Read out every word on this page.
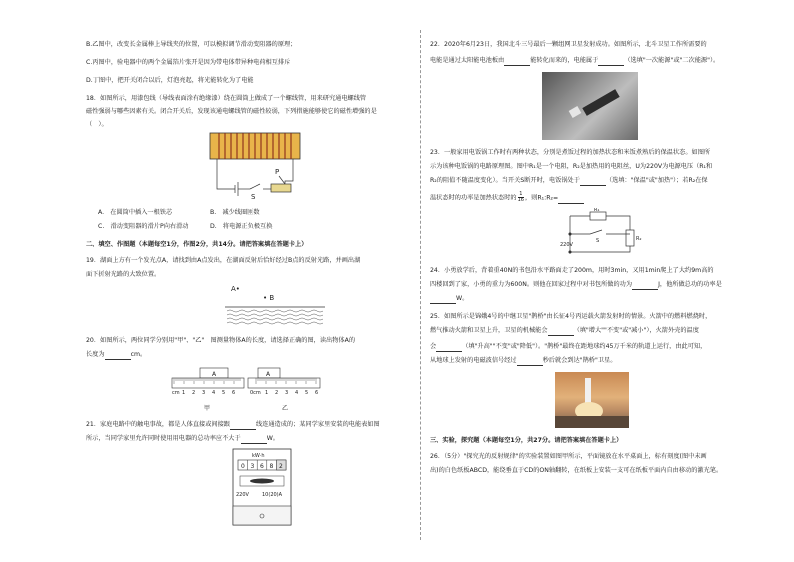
B.乙图中，改变长金属棒上导线夹的位置，可以模拟调节滑动变阻器的原理；

C.丙图中，验电器中的两个金属箔片张开是因为带电体带异种电荷相互排斥

D.丁图中，把开关闭合以后，灯泡亮起，将光能转化为了电能

18．如图所示，用漆包线（导线表面涂有绝缘漆）绕在圆筒上做成了一个螺线管，用来研究通电螺线管

磁性强弱与哪些因素有关。闭合开关后，发现该通电螺线管的磁性较弱，下列措施能够使它的磁性增强的是

（　）。

P
S

A.　在圆筒中插入一根铁芯	B.　减少线圈匝数

C.　滑动变阻器的滑片P向右滑动	D.　将电源正负极互换

二、填空、作图题（本题每空1分，作图2分，共14分。请把答案填在答题卡上）

19．湖面上方有一个发光点A，请找到由A点发出，在湖面反射后恰好经过B点的反射光路，并画出湖

面下折射光路的大致位置。

A•
• B

20．如图所示，两位同学分别用"甲"、"乙"　图测量物体A的长度，请选择正确的图，读出物体A的

长度为	cm。

A
cm 1 2 3 4 5 6
A
0cm 1 2 3 4 5 6
甲	乙

21．家庭电路中的触电事故，都是人体直接或间接跟	线连通造成的；某同学家里安装的电能表如图

所示，当同学家里允许同时使用用电器的总功率应不大于	W。

kW·h
0 3 6 8 2
220V	10(20)A

22．2020年6月23日，我国北斗三号最后一颗组网卫星发射成功。如图所示，北斗卫星工作所需要的

电能是通过太阳能电池板由	能转化而来的，电能属于	（选填"一次能源"或"二次能源"）。

23．一般家用电饭锅工作时有两种状态，分别是煮饭过程的加热状态和米饭煮熟后的保温状态。如图所

示为该种电饭锅的电路原理图。图中R₁是一个电阻，R₂是加热用的电阻丝，U为220V为电源电压（R₁和

R₂的阻值不随温度变化）。当开关S断开时，电饭锅处于	（选填："保温"或"加热"）；若R₂在保

温状态时的功率是加热状态时的 $\frac{1}{16}$ ，则R₁:R₂=

R₁
S	R₂
220V

24．小勇放学后，背着重40N的书包沿水平路面走了200m，用时3min，又用1min爬上了大约9m高的

四楼回到了家，小勇的重力为600N。则他在回家过程中对书包所做的功为	J，他所做总功的功率是

W。

25．如图所示是锦娥4号的中继卫星"鹊桥"由长征4号丙运载火箭发射时的情景。火箭中的燃料燃烧时，

燃气推动火箭和卫星上升，卫星的机械能会	（填"增大""不变"或"减小"），火箭外壳的温度

会	（填"升高""不变"或"降低"）。"鹊桥"最终在距地球约45万千米的轨道上运行，由此可知，

从地球上发射的电磁波信号经过	秒后就会到达"鹊桥"卫星。

三、实验，探究题（本题每空1分，共27分。请把答案填在答题卡上）

26．（5分）"探究光的反射规律"的实验装置如图甲所示，平面镜放在水平桌面上，标有刻度(图中未画

出)的白色纸板ABCD，能绕垂直于CD的ON轴翻转，在纸板上安装一支可在纸板平面内自由移动的激光笔。
